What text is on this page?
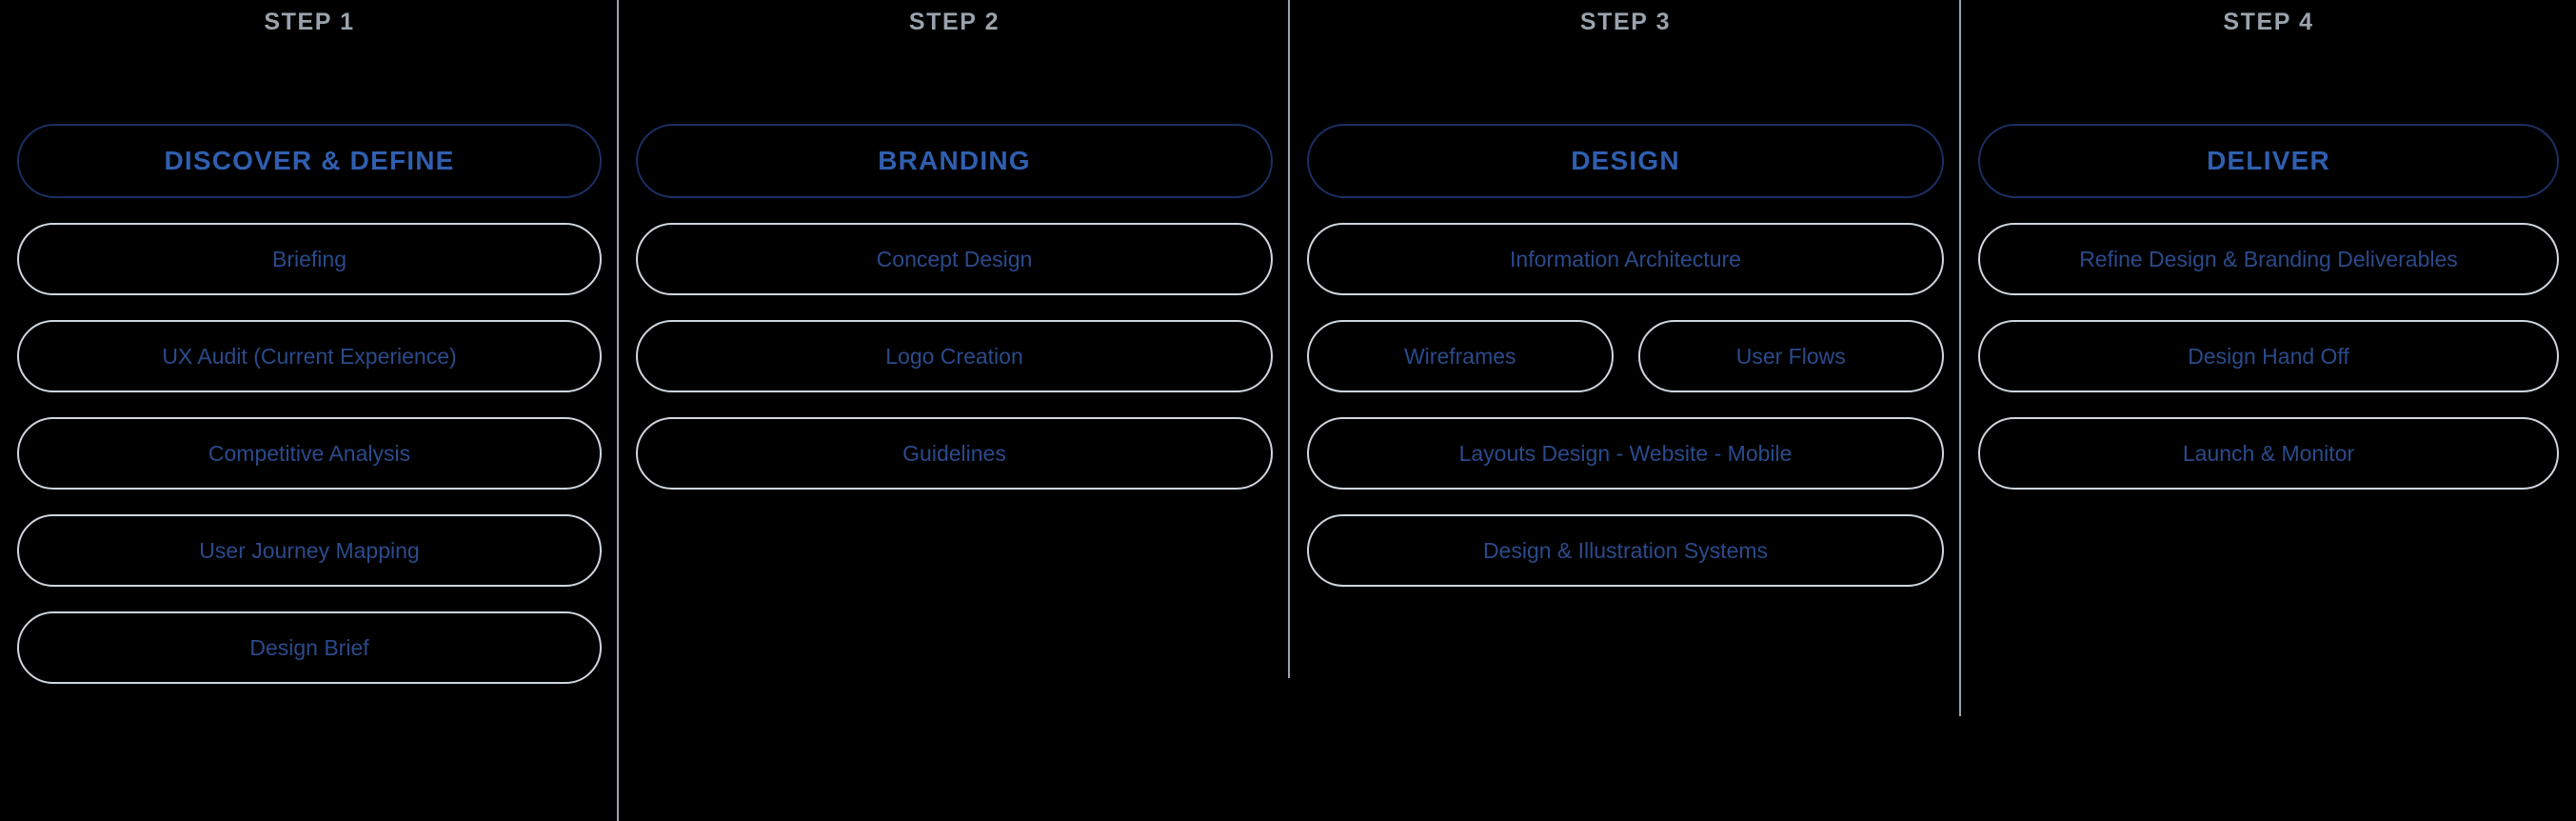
STEP 1
DISCOVER & DEFINE
Briefing
UX Audit (Current Experience)
Competitive Analysis
User Journey Mapping
Design Brief
STEP 2
BRANDING
Concept Design
Logo Creation
Guidelines
STEP 3
DESIGN
Information Architecture
Wireframes	User Flows
Layouts Design - Website - Mobile
Design & Illustration Systems
STEP 4
DELIVER
Refine Design & Branding Deliverables
Design Hand Off
Launch & Monitor
